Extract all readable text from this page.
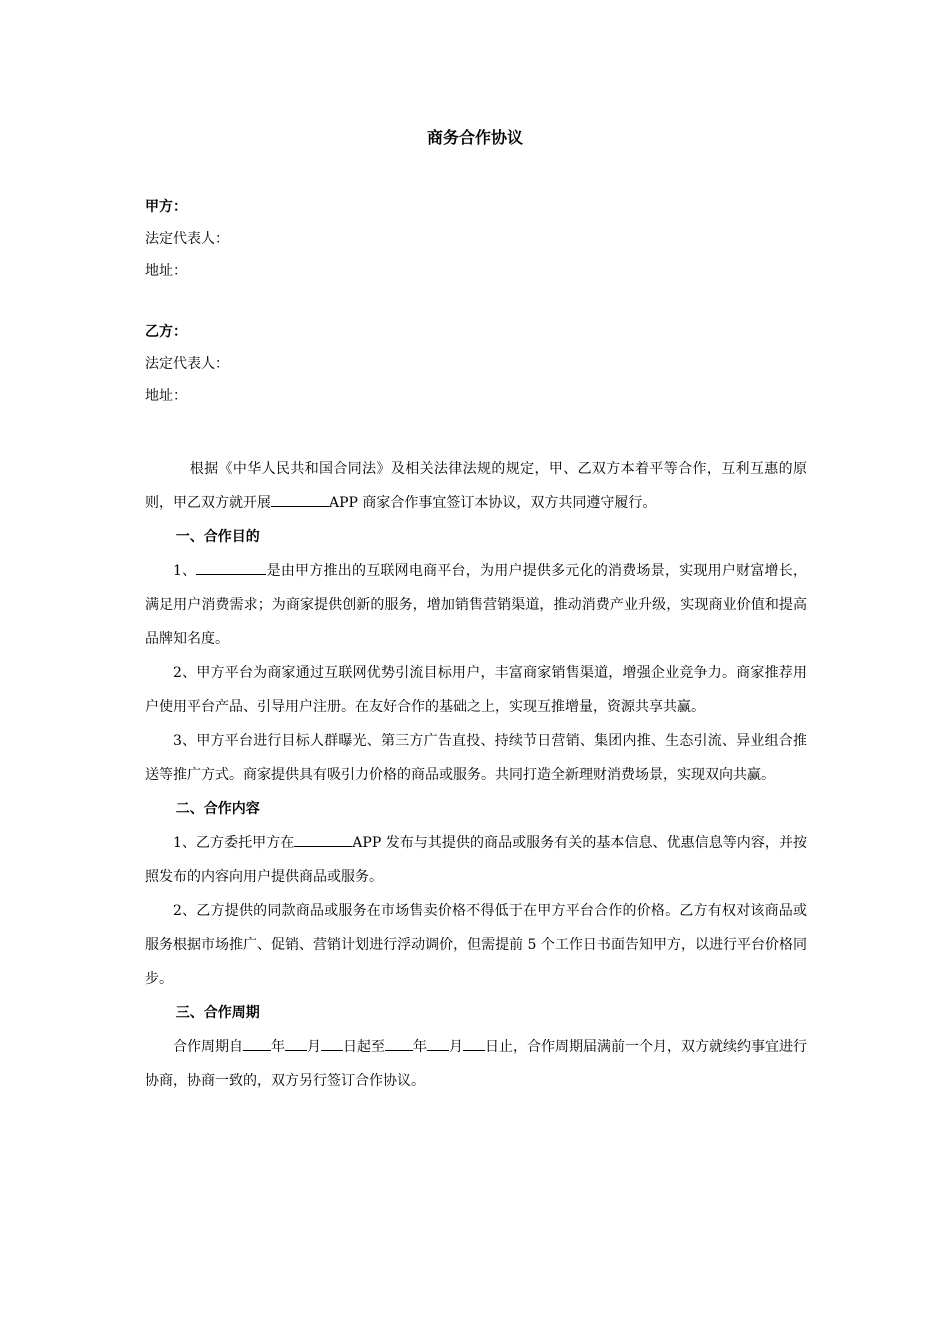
商务合作协议
甲方：
法定代表人：
地址：
乙方：
法定代表人：
地址：

根据《中华人民共和国合同法》及相关法律法规的规定，甲、乙双方本着平等合作，互利互惠的原则，甲乙双方就开展	APP 商家合作事宜签订本协议，双方共同遵守履行。

一、合作目的

1、	是由甲方推出的互联网电商平台，为用户提供多元化的消费场景，实现用户财富增长，满足用户消费需求；为商家提供创新的服务，增加销售营销渠道，推动消费产业升级，实现商业价值和提高品牌知名度。

2、甲方平台为商家通过互联网优势引流目标用户，丰富商家销售渠道，增强企业竞争力。商家推荐用户使用平台产品、引导用户注册。在友好合作的基础之上，实现互推增量，资源共享共赢。

3、甲方平台进行目标人群曝光、第三方广告直投、持续节日营销、集团内推、生态引流、异业组合推送等推广方式。商家提供具有吸引力价格的商品或服务。共同打造全新理财消费场景，实现双向共赢。

二、合作内容

1、乙方委托甲方在	APP 发布与其提供的商品或服务有关的基本信息、优惠信息等内容，并按照发布的内容向用户提供商品或服务。

2、乙方提供的同款商品或服务在市场售卖价格不得低于在甲方平台合作的价格。乙方有权对该商品或服务根据市场推广、促销、营销计划进行浮动调价，但需提前 5 个工作日书面告知甲方，以进行平台价格同步。

三、合作周期

合作周期自 年 月 日起至 年 月 日止，合作周期届满前一个月，双方就续约事宜进行协商，协商一致的，双方另行签订合作协议。
